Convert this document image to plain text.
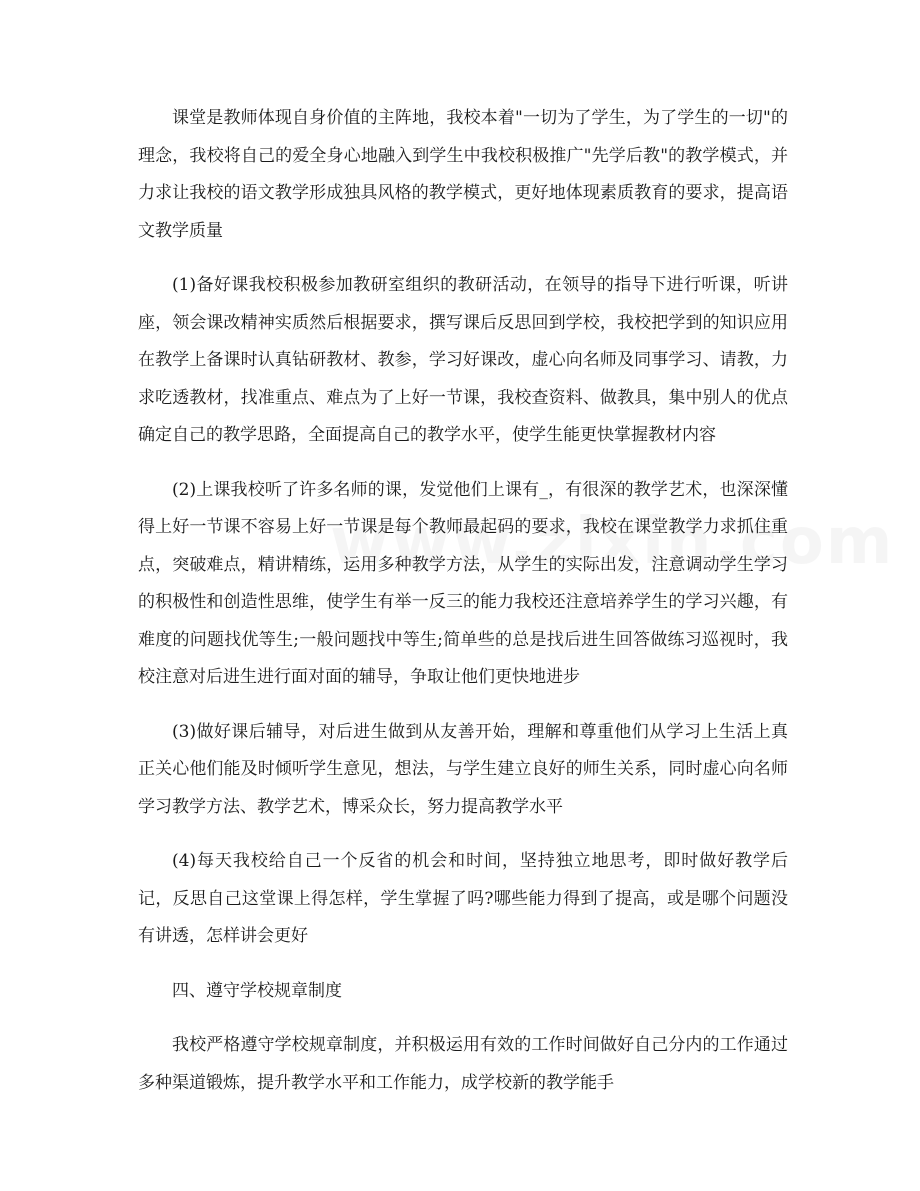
课堂是教师体现自身价值的主阵地，我校本着"一切为了学生，为了学生的一切"的理念，我校将自己的爱全身心地融入到学生中我校积极推广"先学后教"的教学模式，并力求让我校的语文教学形成独具风格的教学模式，更好地体现素质教育的要求，提高语文教学质量

(1)备好课我校积极参加教研室组织的教研活动，在领导的指导下进行听课，听讲座，领会课改精神实质然后根据要求，撰写课后反思回到学校，我校把学到的知识应用在教学上备课时认真钻研教材、教参，学习好课改，虚心向名师及同事学习、请教，力求吃透教材，找准重点、难点为了上好一节课，我校查资料、做教具，集中别人的优点确定自己的教学思路，全面提高自己的教学水平，使学生能更快掌握教材内容

(2)上课我校听了许多名师的课，发觉他们上课有_，有很深的教学艺术，也深深懂得上好一节课不容易上好一节课是每个教师最起码的要求，我校在课堂教学力求抓住重点，突破难点，精讲精练，运用多种教学方法，从学生的实际出发，注意调动学生学习的积极性和创造性思维，使学生有举一反三的能力我校还注意培养学生的学习兴趣，有难度的问题找优等生;一般问题找中等生;简单些的总是找后进生回答做练习巡视时，我校注意对后进生进行面对面的辅导，争取让他们更快地进步

(3)做好课后辅导，对后进生做到从友善开始，理解和尊重他们从学习上生活上真正关心他们能及时倾听学生意见，想法，与学生建立良好的师生关系，同时虚心向名师学习教学方法、教学艺术，博采众长，努力提高教学水平

(4)每天我校给自己一个反省的机会和时间，坚持独立地思考，即时做好教学后记，反思自己这堂课上得怎样，学生掌握了吗?哪些能力得到了提高，或是哪个问题没有讲透，怎样讲会更好

四、遵守学校规章制度

我校严格遵守学校规章制度，并积极运用有效的工作时间做好自己分内的工作通过多种渠道锻炼，提升教学水平和工作能力，成学校新的教学能手
